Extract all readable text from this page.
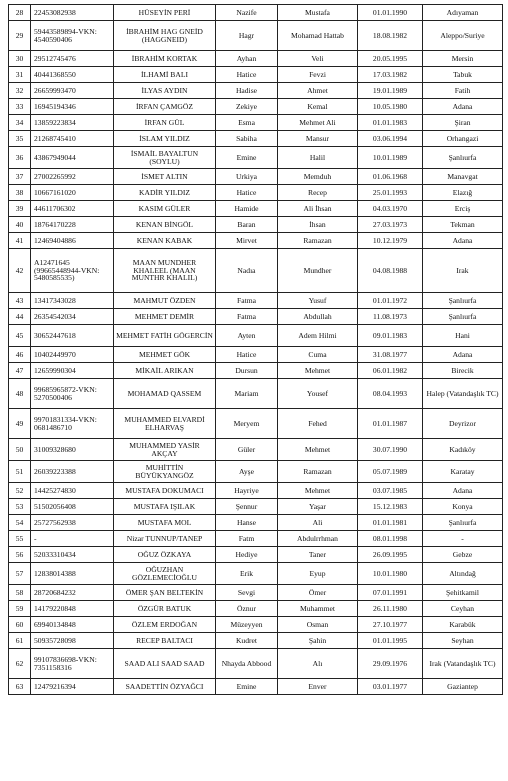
28	22453082938	HÜSEYİN PERİ	Nazife	Mustafa	01.01.1990	Adıyaman
29	59443589894-VKN: 4540590406	İBRAHİM HAG GNEİD (HAGGNEID)	Hagr	Mohamad Hattab	18.08.1982	Aleppo/Suriye
30	29512745476	İBRAHİM KORTAK	Ayhan	Veli	20.05.1995	Mersin
31	40441368550	İLHAMİ BALI	Hatice	Fevzi	17.03.1982	Tabuk
32	26659993470	İLYAS AYDIN	Hadise	Ahmet	19.01.1989	Fatih
33	16945194346	İRFAN ÇAMGÖZ	Zekiye	Kemal	10.05.1980	Adana
34	13859223834	İRFAN GÜL	Esma	Mehmet Ali	01.01.1983	Şiran
35	21268745410	İSLAM YILDIZ	Sabiha	Mansur	03.06.1994	Orhangazi
36	43867949044	İSMAİL BAYALTUN (SOYLU)	Emine	Halil	10.01.1989	Şanlıurfa
37	27002265992	İSMET ALTIN	Urkiya	Memduh	01.06.1968	Manavgat
38	10667161020	KADİR YILDIZ	Hatice	Recep	25.01.1993	Elazığ
39	44611706302	KASIM GÜLER	Hamide	Ali İhsan	04.03.1970	Erciş
40	18764170228	KENAN BİNGÖL	Baran	İhsan	27.03.1973	Tekman
41	12469404886	KENAN KABAK	Mirvet	Ramazan	10.12.1979	Adana
42	A12471645 (99665448944-VKN: 5480585535)	MAAN MUNDHER KHALEEL (MAAN MUNTHR KHALIL)	Nadıa	Mundher	04.08.1988	Irak
43	13417343028	MAHMUT ÖZDEN	Fatma	Yusuf	01.01.1972	Şanlıurfa
44	26354542034	MEHMET DEMİR	Fatma	Abdullah	11.08.1973	Şanlıurfa
45	30652447618	MEHMET FATİH GÖGERCİN	Ayten	Adem Hilmi	09.01.1983	Hani
46	10402449970	MEHMET GÖK	Hatice	Cuma	31.08.1977	Adana
47	12659990304	MİKAİL ARIKAN	Dursun	Mehmet	06.01.1982	Birecik
48	99685965872-VKN: 5270500406	MOHAMAD QASSEM	Mariam	Yousef	08.04.1993	Halep (Vatandaşlık TC)
49	99701831334-VKN: 0681486710	MUHAMMED ELVARDİ ELHARVAŞ	Meryem	Fehed	01.01.1987	Deyrizor
50	31009328680	MUHAMMED YASİR AKÇAY	Güler	Mehmet	30.07.1990	Kadıköy
51	26039223388	MUHİTTİN BÜYÜKYANGÖZ	Ayşe	Ramazan	05.07.1989	Karatay
52	14425274830	MUSTAFA DOKUMACI	Hayriye	Mehmet	03.07.1985	Adana
53	51502056408	MUSTAFA IŞILAK	Şennur	Yaşar	15.12.1983	Konya
54	25727562938	MUSTAFA MOL	Hanse	Ali	01.01.1981	Şanlıurfa
55	-	Nizar TUNNUP/TANEP	Fatm	Abdulrrhman	08.01.1998	-
56	52033310434	OĞUZ ÖZKAYA	Hediye	Taner	26.09.1995	Gebze
57	12838014388	OĞUZHAN GÖZLEMECİOĞLU	Erik	Eyup	10.01.1980	Altındağ
58	28720684232	ÖMER ŞAN BELTEKİN	Sevgi	Ömer	07.01.1991	Şehitkamil
59	14179220848	ÖZGÜR BATUK	Öznur	Muhammet	26.11.1980	Ceyhan
60	69940134848	ÖZLEM ERDOĞAN	Müzeyyen	Osman	27.10.1977	Karabük
61	50935728098	RECEP BALTACI	Kudret	Şahin	01.01.1995	Seyhan
62	99107836698-VKN: 7351158316	SAAD ALI SAAD SAAD	Nhayda Abbood	Alı	29.09.1976	Irak (Vatandaşlık TC)
63	12479216394	SAADETTİN ÖZYAĞCI	Emine	Enver	03.01.1977	Gaziantep
